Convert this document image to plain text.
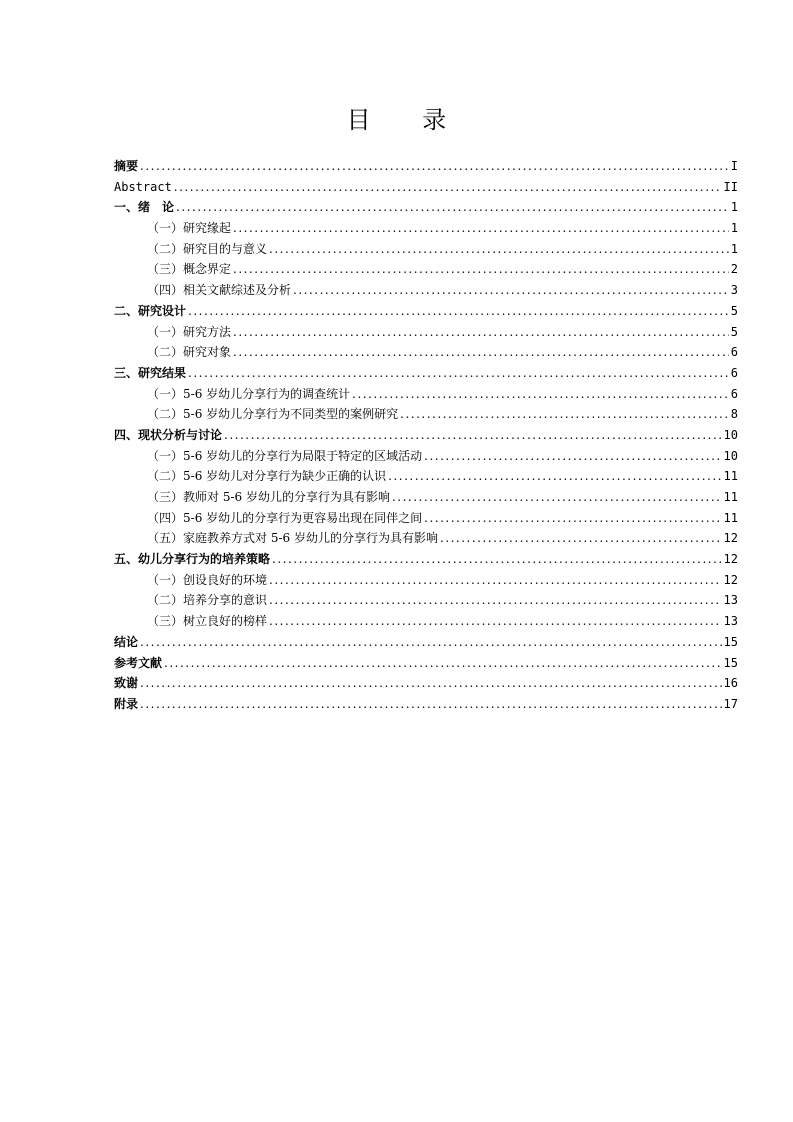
目 录
摘要 .....	I
Abstract .....	II
一、绪　论 .....	1
（一）研究缘起 .....	1
（二）研究目的与意义 .....	1
（三）概念界定 .....	2
（四）相关文献综述及分析 .....	3
二、研究设计 .....	5
（一）研究方法 .....	5
（二）研究对象 .....	6
三、研究结果 .....	6
（一）5-6 岁幼儿分享行为的调查统计 .....	6
（二）5-6 岁幼儿分享行为不同类型的案例研究 .....	8
四、现状分析与讨论 .....	10
（一）5-6 岁幼儿的分享行为局限于特定的区域活动 .....	10
（二）5-6 岁幼儿对分享行为缺少正确的认识 .....	11
（三）教师对 5-6 岁幼儿的分享行为具有影响 .....	11
（四）5-6 岁幼儿的分享行为更容易出现在同伴之间 .....	11
（五）家庭教养方式对 5-6 岁幼儿的分享行为具有影响 .....	12
五、幼儿分享行为的培养策略 .....	12
（一）创设良好的环境 .....	12
（二）培养分享的意识 .....	13
（三）树立良好的榜样 .....	13
结论 .....	15
参考文献 .....	15
致谢 .....	16
附录 .....	17
